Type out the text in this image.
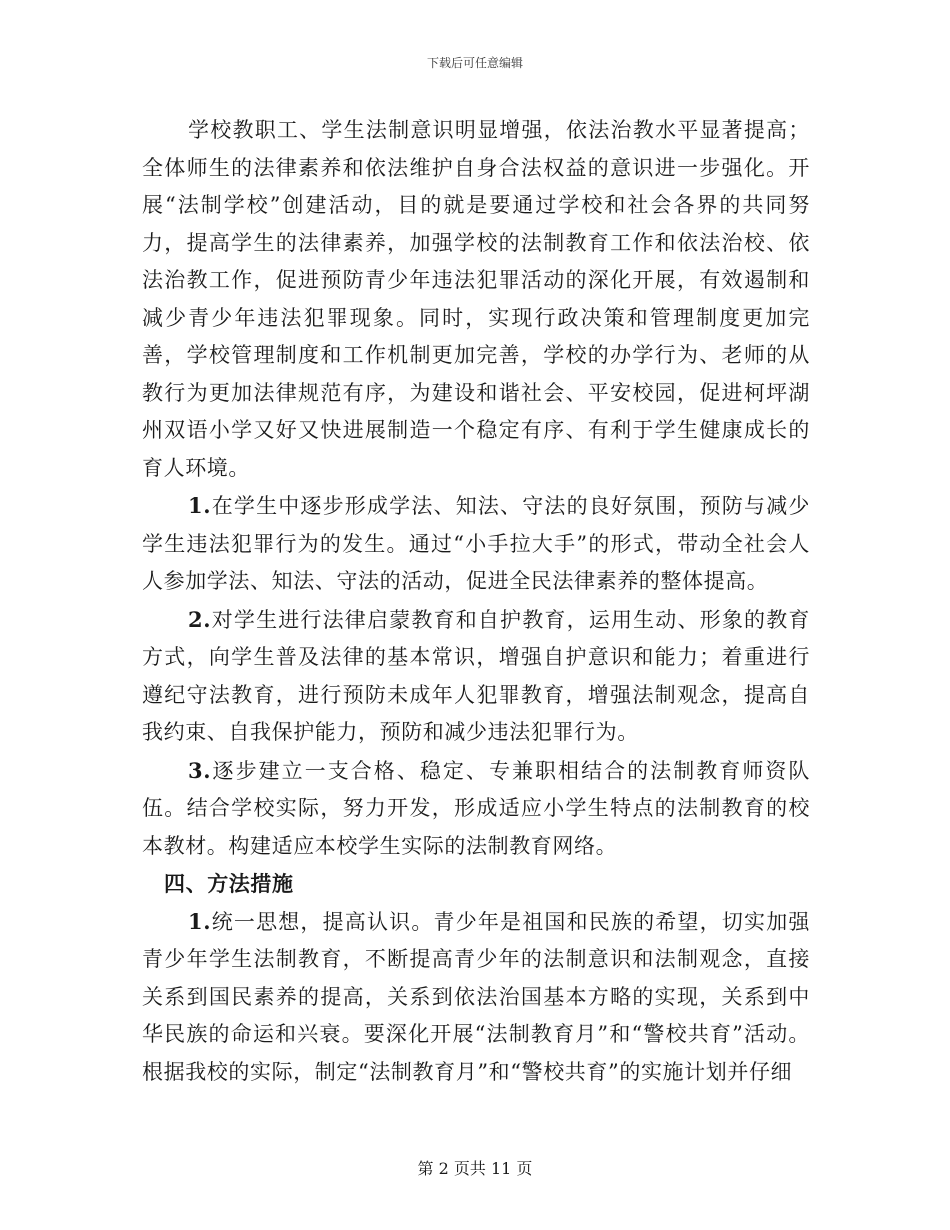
下载后可任意编辑

学校教职工、学生法制意识明显增强，依法治教水平显著提高；全体师生的法律素养和依法维护自身合法权益的意识进一步强化。开展“法制学校”创建活动，目的就是要通过学校和社会各界的共同努力，提高学生的法律素养，加强学校的法制教育工作和依法治校、依法治教工作，促进预防青少年违法犯罪活动的深化开展，有效遏制和减少青少年违法犯罪现象。同时，实现行政决策和管理制度更加完善，学校管理制度和工作机制更加完善，学校的办学行为、老师的从教行为更加法律规范有序，为建设和谐社会、平安校园，促进柯坪湖州双语小学又好又快进展制造一个稳定有序、有利于学生健康成长的育人环境。

1.在学生中逐步形成学法、知法、守法的良好氛围，预防与减少学生违法犯罪行为的发生。通过“小手拉大手”的形式，带动全社会人人参加学法、知法、守法的活动，促进全民法律素养的整体提高。

2.对学生进行法律启蒙教育和自护教育，运用生动、形象的教育方式，向学生普及法律的基本常识，增强自护意识和能力；着重进行遵纪守法教育，进行预防未成年人犯罪教育，增强法制观念，提高自我约束、自我保护能力，预防和减少违法犯罪行为。

3.逐步建立一支合格、稳定、专兼职相结合的法制教育师资队伍。结合学校实际，努力开发，形成适应小学生特点的法制教育的校本教材。构建适应本校学生实际的法制教育网络。

四、方法措施

1.统一思想，提高认识。青少年是祖国和民族的希望，切实加强青少年学生法制教育，不断提高青少年的法制意识和法制观念，直接关系到国民素养的提高，关系到依法治国基本方略的实现，关系到中华民族的命运和兴衰。要深化开展“法制教育月”和“警校共育”活动。根据我校的实际，制定“法制教育月”和“警校共育”的实施计划并仔细

第 2 页共 11 页
